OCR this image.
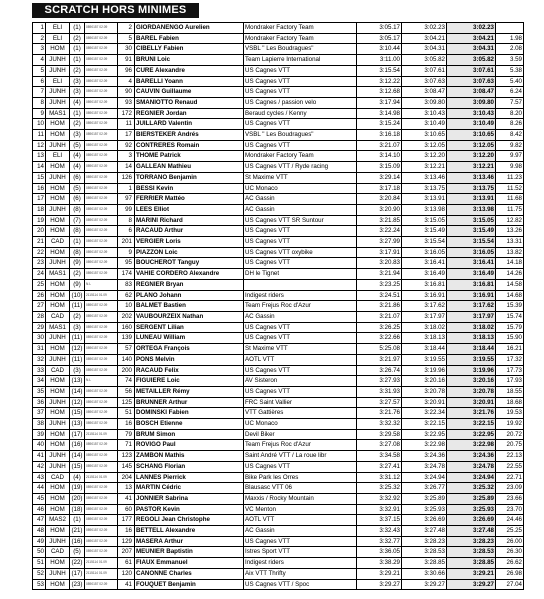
SCRATCH HORS MINIMES
1	ELI	(1)	0890157 02.09	2	GIORDANENGO Aurelien	Mondraker Factory Team	3:05.17	3:02.23	3:02.23	
2	ELI	(2)	0890157 02.09	5	BAREL Fabien	Mondraker Factory Team	3:05.17	3:04.21	3:04.21	1.98
3	HOM	(1)	0890157 02.09	30	CIBELLY Fabien	VSBL " Les Boudragues"	3:10.44	3:04.31	3:04.31	2.08
4	JUNH	(1)	0890157 02.09	91	BRUNI Loic	Team Lapierre International	3:11.00	3:05.82	3:05.82	3.59
5	JUNH	(2)	0890157 02.09	96	CURE Alexandre	US Cagnes VTT	3:15.54	3:07.61	3:07.61	5.38
6	ELI	(3)	0890157 02.09	4	BARELLI Yoann	US Cagnes VTT	3:12.22	3:07.63	3:07.63	5.40
7	JUNH	(3)	0890157 02.09	90	CAUVIN Guillaume	US Cagnes VTT	3:12.68	3:08.47	3:08.47	6.24
8	JUNH	(4)	0890157 02.09	93	SMANIOTTO Renaud	US Cagnes / passion velo	3:17.94	3:09.80	3:09.80	7.57
9	MAS1	(1)	0890157 02.09	172	REGNIER Jordan	Beraud cycles / Kenny	3:14.98	3:10.43	3:10.43	8.20
10	HOM	(2)	0890157 02.09	11	JUILLARD Valentin	US Cagnes VTT	3:15.24	3:10.49	3:10.49	8.26
11	HOM	(3)	0890157 02.09	17	BIERSTEKER Andrés	VSBL " Les Boudragues"	3:16.18	3:10.65	3:10.65	8.42
12	JUNH	(5)	0890157 02.09	92	CONTRERES Romain	US Cagnes VTT	3:21.07	3:12.05	3:12.05	9.82
13	ELI	(4)	0890157 02.09	3	THOME Patrick	Mondraker Factory Team	3:14.10	3:12.20	3:12.20	9.97
14	HOM	(4)	0890157 02.09	14	GALLEAN Mathieu	US Cagnes VTT / Ryde racing	3:15.09	3:12.21	3:12.21	9.98
15	JUNH	(6)	0890157 02.09	126	TORRANO Benjamin	St Maxime VTT	3:29.14	3:13.46	3:13.46	11.23
16	HOM	(5)	0890157 02.09	1	BESSI Kevin	UC Monaco	3:17.18	3:13.75	3:13.75	11.52
17	HOM	(6)	0890157 02.09	97	FERRIER Mattéo	AC Gassin	3:20.84	3:13.91	3:13.91	11.68
18	JUNH	(8)	0890157 02.09	99	LEES Elliot	AC Gassin	3:20.90	3:13.98	3:13.98	11.75
19	HOM	(7)	0890157 02.09	8	MARINI Richard	US Cagnes VTT SR Suntour	3:21.85	3:15.05	3:15.05	12.82
20	HOM	(8)	0890157 02.09	6	RACAUD Arthur	US Cagnes VTT	3:22.24	3:15.49	3:15.49	13.26
21	CAD	(1)	0890157 02.09	201	VERGIER Loris	US Cagnes VTT	3:27.99	3:15.54	3:15.54	13.31
22	HOM	(8)	0890157 02.09	9	PIAZZON Loic	US Cagnes VTT oxybike	3:17.91	3:16.05	3:16.05	13.82
23	JUNH	(9)	0890157 02.09	95	BOUCHEROT Tanguy	US Cagnes VTT	3:20.83	3:16.41	3:16.41	14.18
24	MAS1	(2)	0890157 02.09	174	VAHIE CORDERO Alexandre	DH le Tignet	3:21.94	3:16.49	3:16.49	14.26
25	HOM	(9)	N.L	83	REGNIER Bryan		3:23.25	3:16.81	3:16.81	14.58
26	HOM	(10)	2115114 01.09	62	PLANO Johann	Indigest riders	3:24.51	3:16.91	3:16.91	14.68
27	HOM	(11)	0890157 02.09	10	BALMET Bastien	Team Frejus Roc d'Azur	3:21.86	3:17.62	3:17.62	15.39
28	CAD	(2)	0890157 02.09	202	VAUBOURZEIX Nathan	AC Gassin	3:21.07	3:17.97	3:17.97	15.74
29	MAS1	(3)	0890157 02.09	160	SERGENT Lilian	US Cagnes VTT	3:26.25	3:18.02	3:18.02	15.79
30	JUNH	(11)	0890157 02.09	139	LUNEAU William	US Cagnes VTT	3:22.66	3:18.13	3:18.13	15.90
31	HOM	(12)	0890157 02.09	57	ORTEGA François	St Maxime VTT	5:25.08	3:18.44	3:18.44	16.21
32	JUNH	(11)	0890157 02.09	140	PONS Melvin	AOTL VTT	3:21.97	3:19.55	3:19.55	17.32
33	CAD	(3)	0890157 02.09	200	RACAUD Felix	US Cagnes VTT	3:26.74	3:19.96	3:19.96	17.73
34	HOM	(13)	N.L	74	FIGUIERE Loic	AV Sisteron	3:27.93	3:20.16	3:20.16	17.93
35	HOM	(14)	0890157 02.09	56	METAILLER Rémy	US Cagnes VTT	3:31.93	3:20.78	3:20.78	18.55
36	JUNH	(12)	0890157 02.09	125	BRUNNER Arthur	FRC Saint Vallier	3:27.57	3:20.91	3:20.91	18.68
37	HOM	(15)	0890157 02.09	51	DOMINSKI Fabien	VTT Gattières	3:21.76	3:22.34	3:21.76	19.53
38	JUNH	(13)	0890157 02.09	16	BOSCH Etienne	UC Monaco	3:32.32	3:22.15	3:22.15	19.92
39	HOM	(17)	2115114 01.09	79	BRUM Simon	Devil Biker	3:29.58	3:22.95	3:22.95	20.72
40	HOM	(16)	0890157 02.09	71	ROVIGO Paul	Team Frejus Roc d'Azur	3:27.08	3:22.98	3:22.98	20.75
41	JUNH	(14)	0890157 02.09	123	ZAMBON Mathis	Saint André VTT / La roue libr	3:34.58	3:24.36	3:24.36	22.13
42	JUNH	(15)	0890157 02.09	145	SCHANG Florian	US Cagnes VTT	3:27.41	3:24.78	3:24.78	22.55
43	CAD	(4)	2115114 01.09	204	LANNES Pierrick	Bike Park les Orres	3:31.12	3:24.94	3:24.94	22.71
44	HOM	(19)	0890157 02.09	13	MARTIN Cédric	Blausasc VTT 06	3:25.32	3:26.77	3:25.32	23.09
45	HOM	(20)	0890157 02.09	41	JONNIER Sabrina	Maxxis / Rocky Mountain	3:32.92	3:25.89	3:25.89	23.66
46	HOM	(18)	0890157 02.09	60	PASTOR Kevin	VC Menton	3:32.91	3:25.93	3:25.93	23.70
47	MAS2	(1)	0890157 02.09	177	REGOLI Jean Christophe	AOTL VTT	3:37.15	3:26.69	3:26.69	24.46
48	HOM	(21)	0890157 02.09	16	BETTELL Alexandre	AC Gassin	3:32.43	3:27.48	3:27.48	25.25
49	JUNH	(16)	0890157 02.09	129	MASERA Arthur	US Cagnes VTT	3:32.77	3:28.23	3:28.23	26.00
50	CAD	(5)	0890157 02.09	207	MEUNIER Baptistin	Istres Sport VTT	3:36.05	3:28.53	3:28.53	26.30
51	HOM	(22)	2115114 01.09	61	FIAUX Emmanuel	Indigest riders	3:38.29	3:28.85	3:28.85	26.62
52	JUNH	(17)	2115114 01.09	120	CANONNE Charles	Aix VTT Thrifty	3:29.21	3:30.66	3:29.21	26.98
53	HOM	(23)	0890157 02.09	41	FOUQUET Benjamin	US Cagnes VTT / Spoc	3:29.27	3:29.27	3:29.27	27.04
